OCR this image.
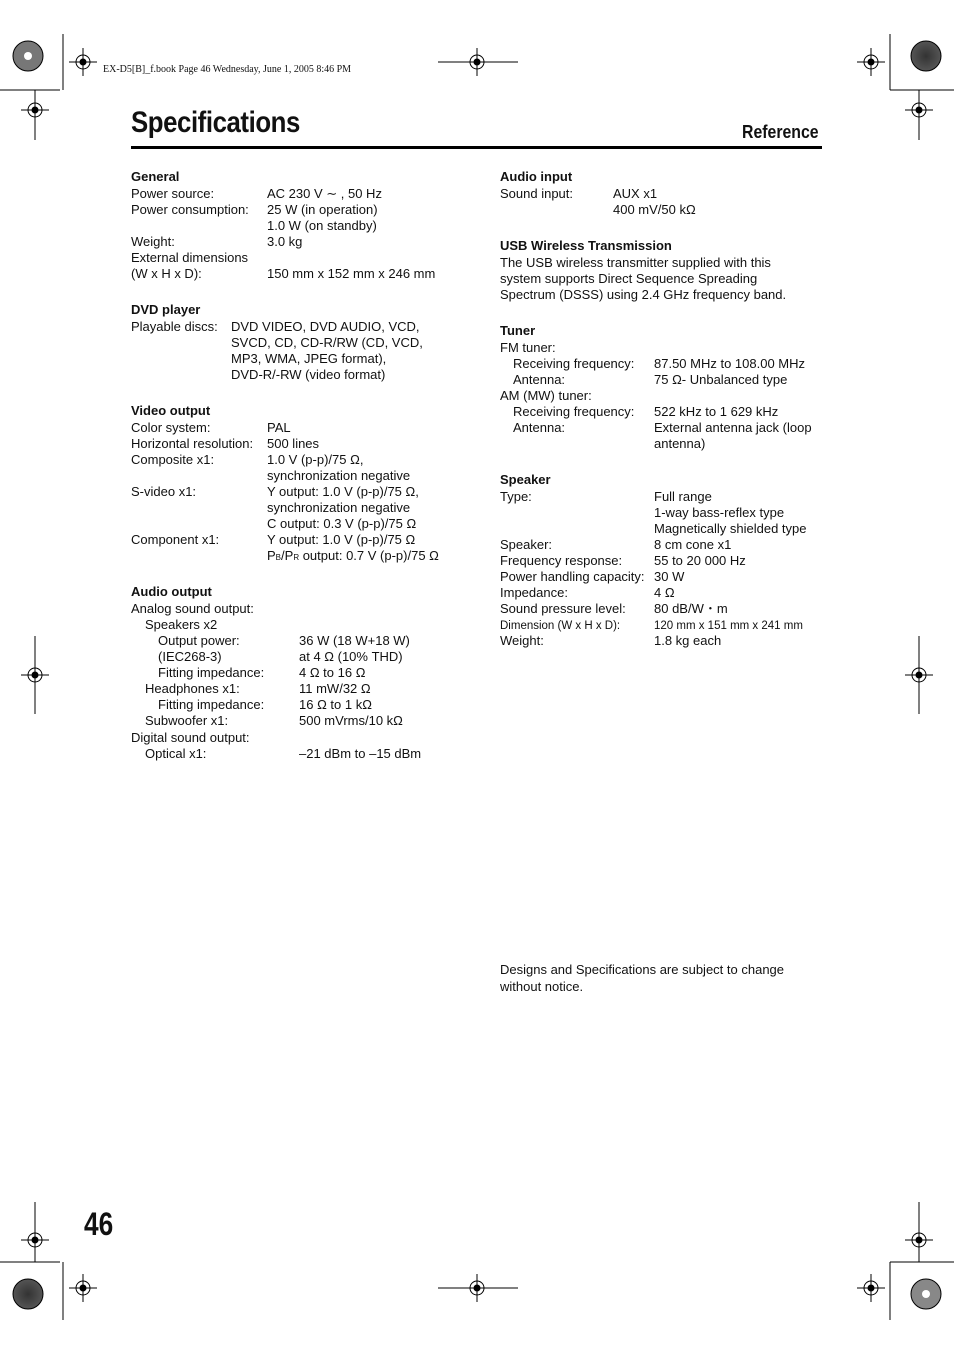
EX-D5[B]_f.book Page 46 Wednesday, June 1, 2005 8:46 PM
Specifications	Reference
General
Power source:	AC 230 V ∼ , 50 Hz
Power consumption: 25 W (in operation)
1.0 W (on standby)
Weight:	3.0 kg
External dimensions
(W x H x D):	150 mm x 152 mm x 246 mm
DVD player
Playable discs: DVD VIDEO, DVD AUDIO, VCD,
SVCD, CD, CD-R/RW (CD, VCD,
MP3, WMA, JPEG format),
DVD-R/-RW (video format)
Video output
Color system:	PAL
Horizontal resolution: 500 lines
Composite x1:	1.0 V (p-p)/75 Ω,
synchronization negative
S-video x1:	Y output: 1.0 V (p-p)/75 Ω,
synchronization negative
C output: 0.3 V (p-p)/75 Ω
Component x1:	Y output: 1.0 V (p-p)/75 Ω
PB/PR output: 0.7 V (p-p)/75 Ω
Audio output
Analog sound output:
Speakers x2
Output power:	36 W (18 W+18 W)
(IEC268-3)	at 4 Ω (10% THD)
Fitting impedance:	4 Ω to 16 Ω
Headphones x1:	11 mW/32 Ω
Fitting impedance:	16 Ω to 1 kΩ
Subwoofer x1:	500 mVrms/10 kΩ
Digital sound output:
Optical x1:	–21 dBm to –15 dBm
Audio input
Sound input:	AUX x1
400 mV/50 kΩ
USB Wireless Transmission
The USB wireless transmitter supplied with this
system supports Direct Sequence Spreading
Spectrum (DSSS) using 2.4 GHz frequency band.
Tuner
FM tuner:
Receiving frequency: 87.50 MHz to 108.00 MHz
Antenna:	75 Ω- Unbalanced type
AM (MW) tuner:
Receiving frequency: 522 kHz to 1 629 kHz
Antenna:	External antenna jack (loop
antenna)
Speaker
Type:	Full range
1-way bass-reflex type
Magnetically shielded type
Speaker:	8 cm cone x1
Frequency response: 55 to 20 000 Hz
Power handling capacity: 30 W
Impedance:	4 Ω
Sound pressure level: 80 dB/W・m
Dimension (W x H x D):	120 mm x 151 mm x 241 mm
Weight:	1.8 kg each
Designs and Specifications are subject to change
without notice.
46
